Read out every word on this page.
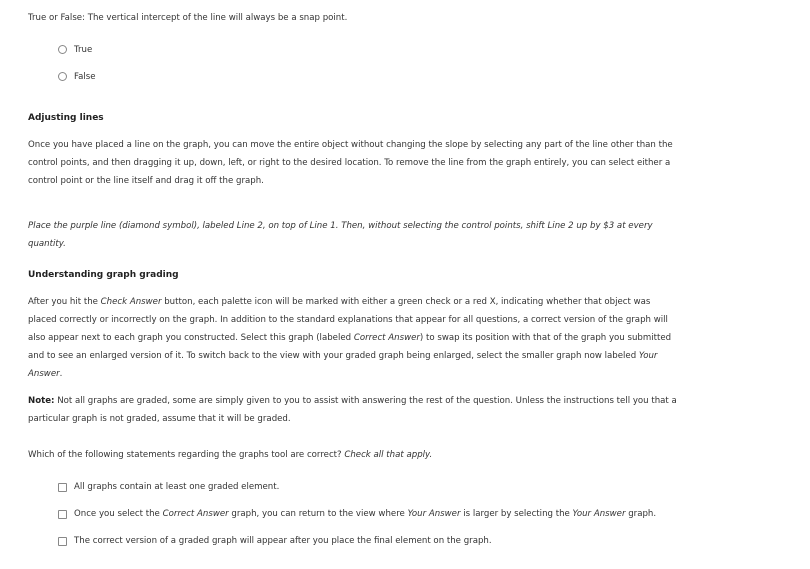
True or False: The vertical intercept of the line will always be a snap point.
True
False
Adjusting lines
Once you have placed a line on the graph, you can move the entire object without changing the slope by selecting any part of the line other than the
control points, and then dragging it up, down, left, or right to the desired location. To remove the line from the graph entirely, you can select either a
control point or the line itself and drag it off the graph.
Place the purple line (diamond symbol), labeled Line 2, on top of Line 1. Then, without selecting the control points, shift Line 2 up by $3 at every
quantity.
Understanding graph grading
After you hit the Check Answer button, each palette icon will be marked with either a green check or a red X, indicating whether that object was
placed correctly or incorrectly on the graph. In addition to the standard explanations that appear for all questions, a correct version of the graph will
also appear next to each graph you constructed. Select this graph (labeled Correct Answer) to swap its position with that of the graph you submitted
and to see an enlarged version of it. To switch back to the view with your graded graph being enlarged, select the smaller graph now labeled Your
Answer.
Note: Not all graphs are graded, some are simply given to you to assist with answering the rest of the question. Unless the instructions tell you that a
particular graph is not graded, assume that it will be graded.
Which of the following statements regarding the graphs tool are correct? Check all that apply.
All graphs contain at least one graded element.
Once you select the Correct Answer graph, you can return to the view where Your Answer is larger by selecting the Your Answer graph.
The correct version of a graded graph will appear after you place the final element on the graph.
